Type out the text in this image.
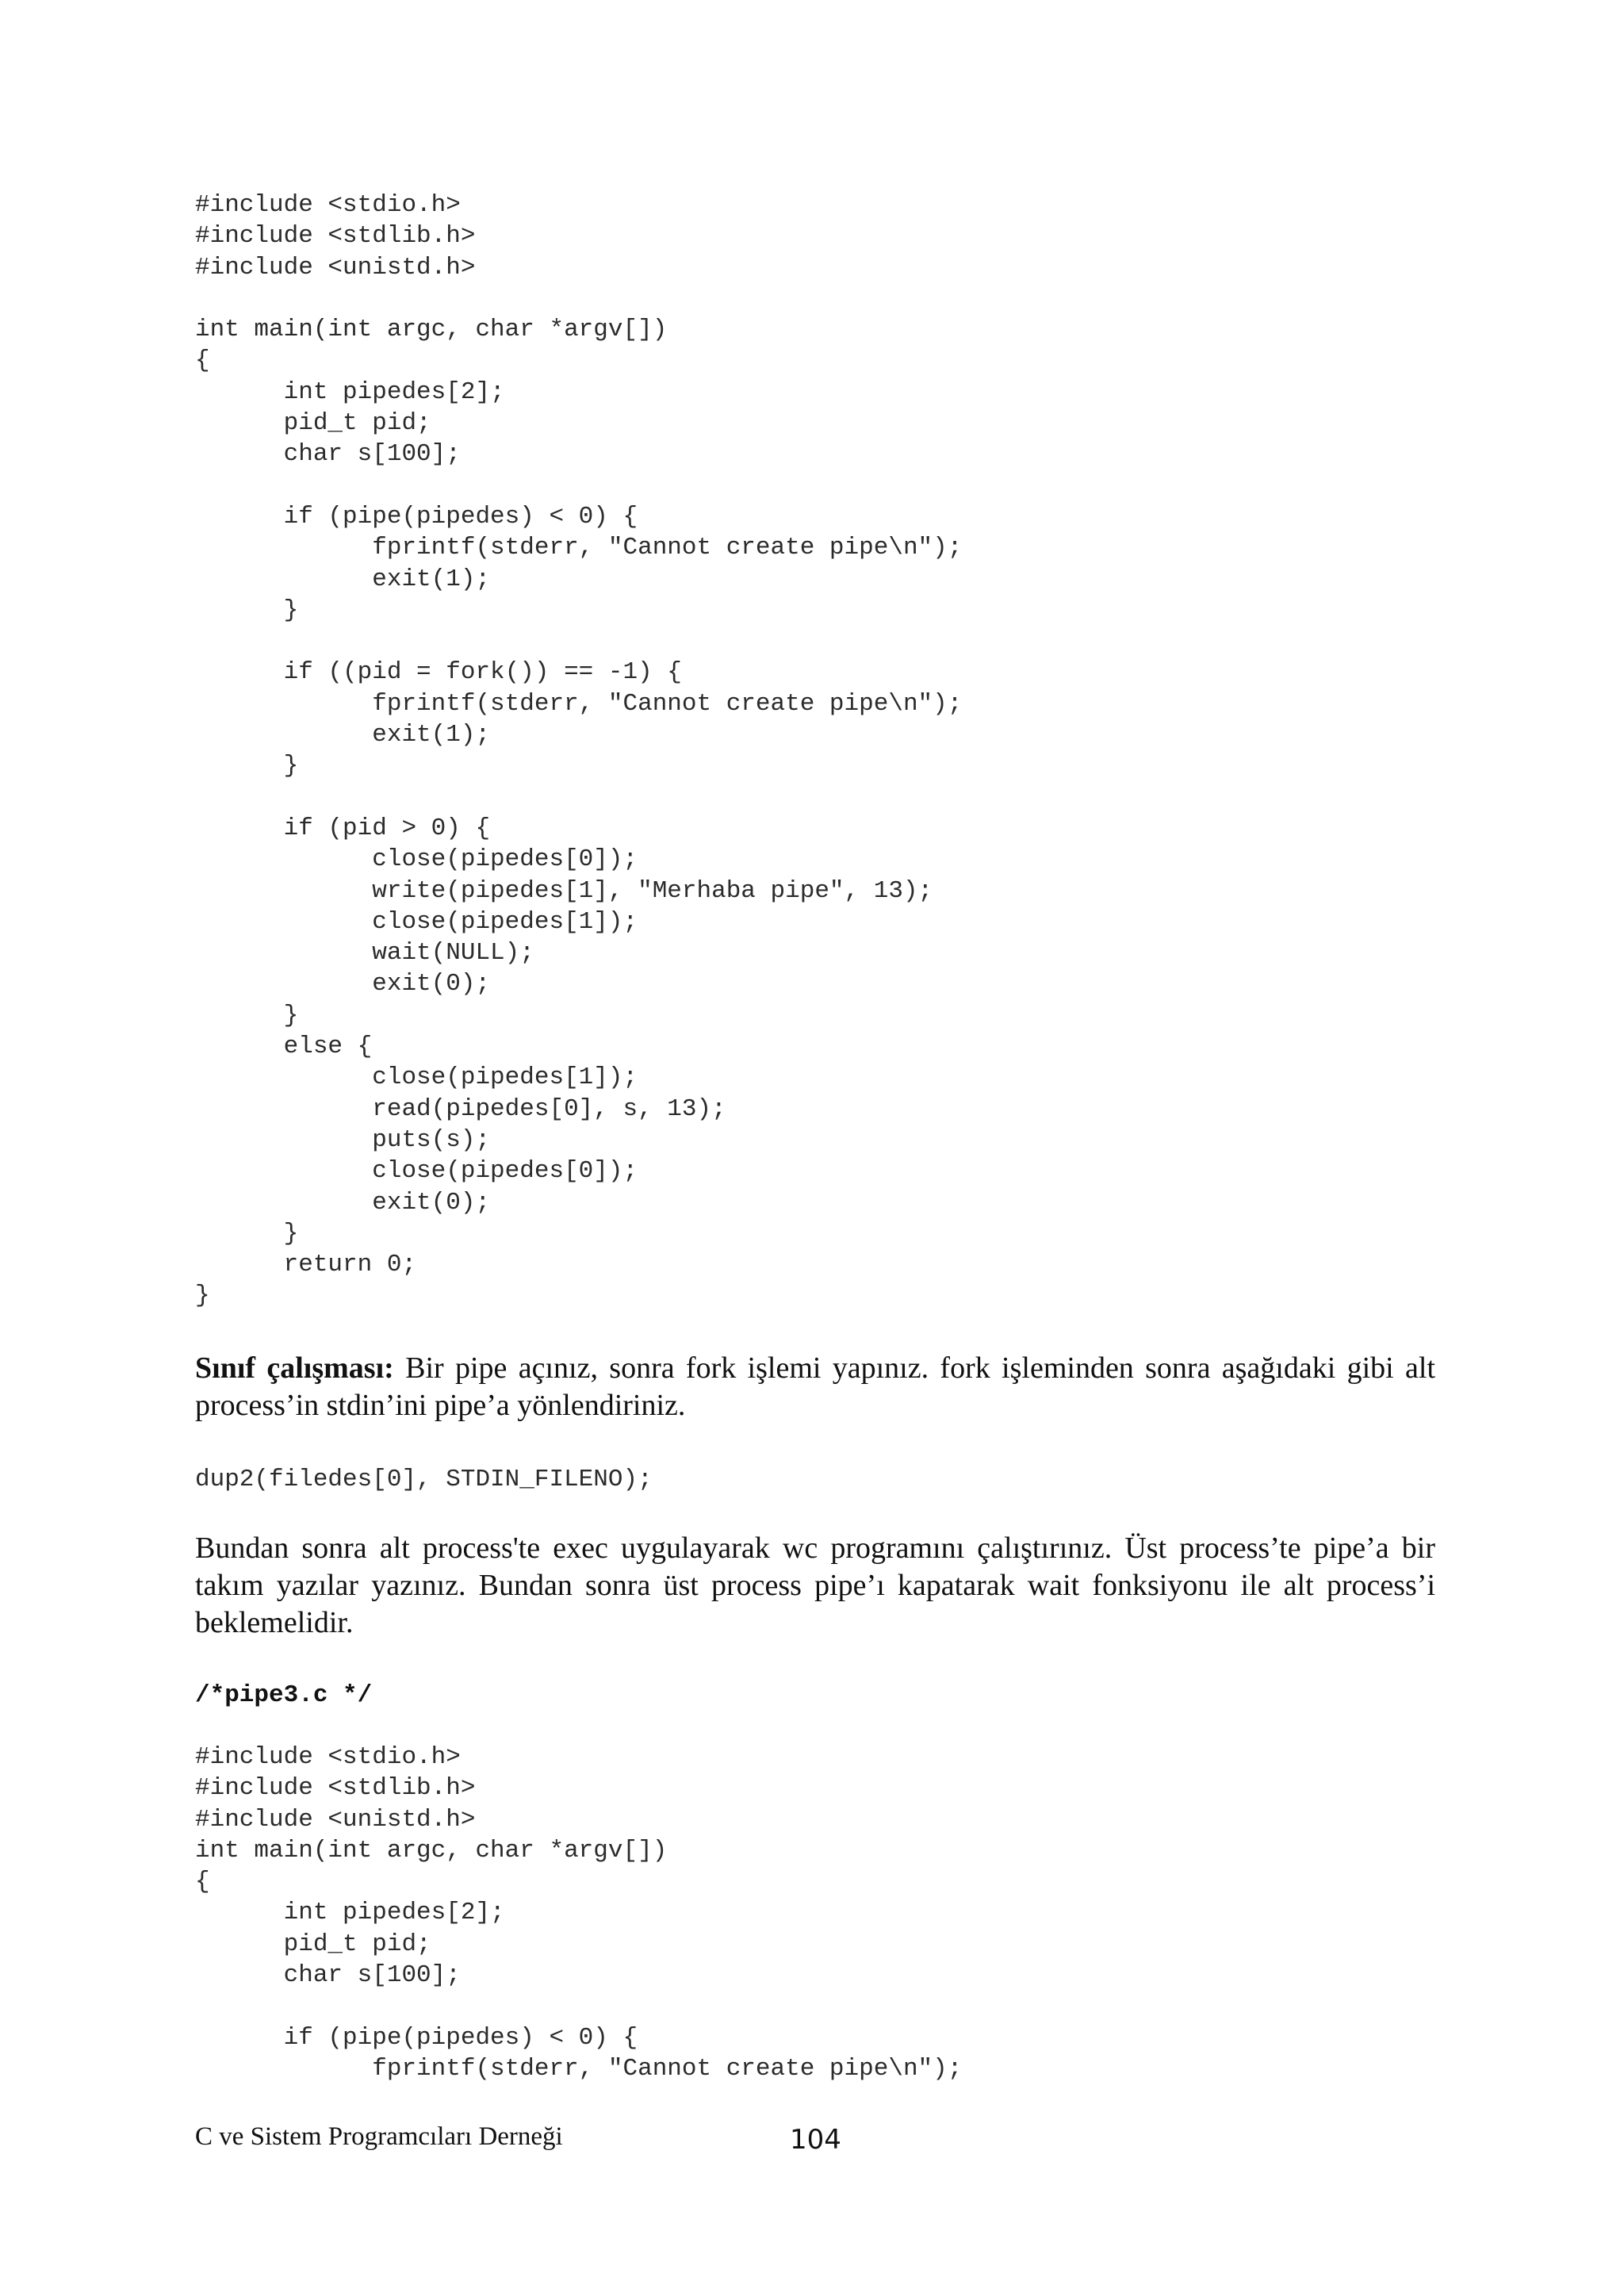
#include <stdio.h>
#include <stdlib.h>
#include <unistd.h>

int main(int argc, char *argv[])
{
int pipedes[2];
pid_t pid;
char s[100];

if (pipe(pipedes) < 0) {
fprintf(stderr, "Cannot create pipe\n");
exit(1);
}

if ((pid = fork()) == -1) {
fprintf(stderr, "Cannot create pipe\n");
exit(1);
}

if (pid > 0) {
close(pipedes[0]);
write(pipedes[1], "Merhaba pipe", 13);
close(pipedes[1]);
wait(NULL);
exit(0);
}
else {
close(pipedes[1]);
read(pipedes[0], s, 13);
puts(s);
close(pipedes[0]);
exit(0);
}
return 0;
}

Sınıf çalışması: Bir pipe açınız, sonra fork işlemi yapınız. fork işleminden sonra aşağıdaki gibi alt process’in stdin’ini pipe’a yönlendiriniz.

dup2(filedes[0], STDIN_FILENO);

Bundan sonra alt process'te exec uygulayarak wc programını çalıştırınız. Üst process’te pipe’a bir takım yazılar yazınız. Bundan sonra üst process pipe’ı kapatarak wait fonksiyonu ile alt process’i beklemelidir.

/*pipe3.c */
#include <stdio.h>
#include <stdlib.h>
#include <unistd.h>
int main(int argc, char *argv[])
{
int pipedes[2];
pid_t pid;
char s[100];

if (pipe(pipedes) < 0) {
fprintf(stderr, "Cannot create pipe\n");
C ve Sistem Programcıları Derneği	104
